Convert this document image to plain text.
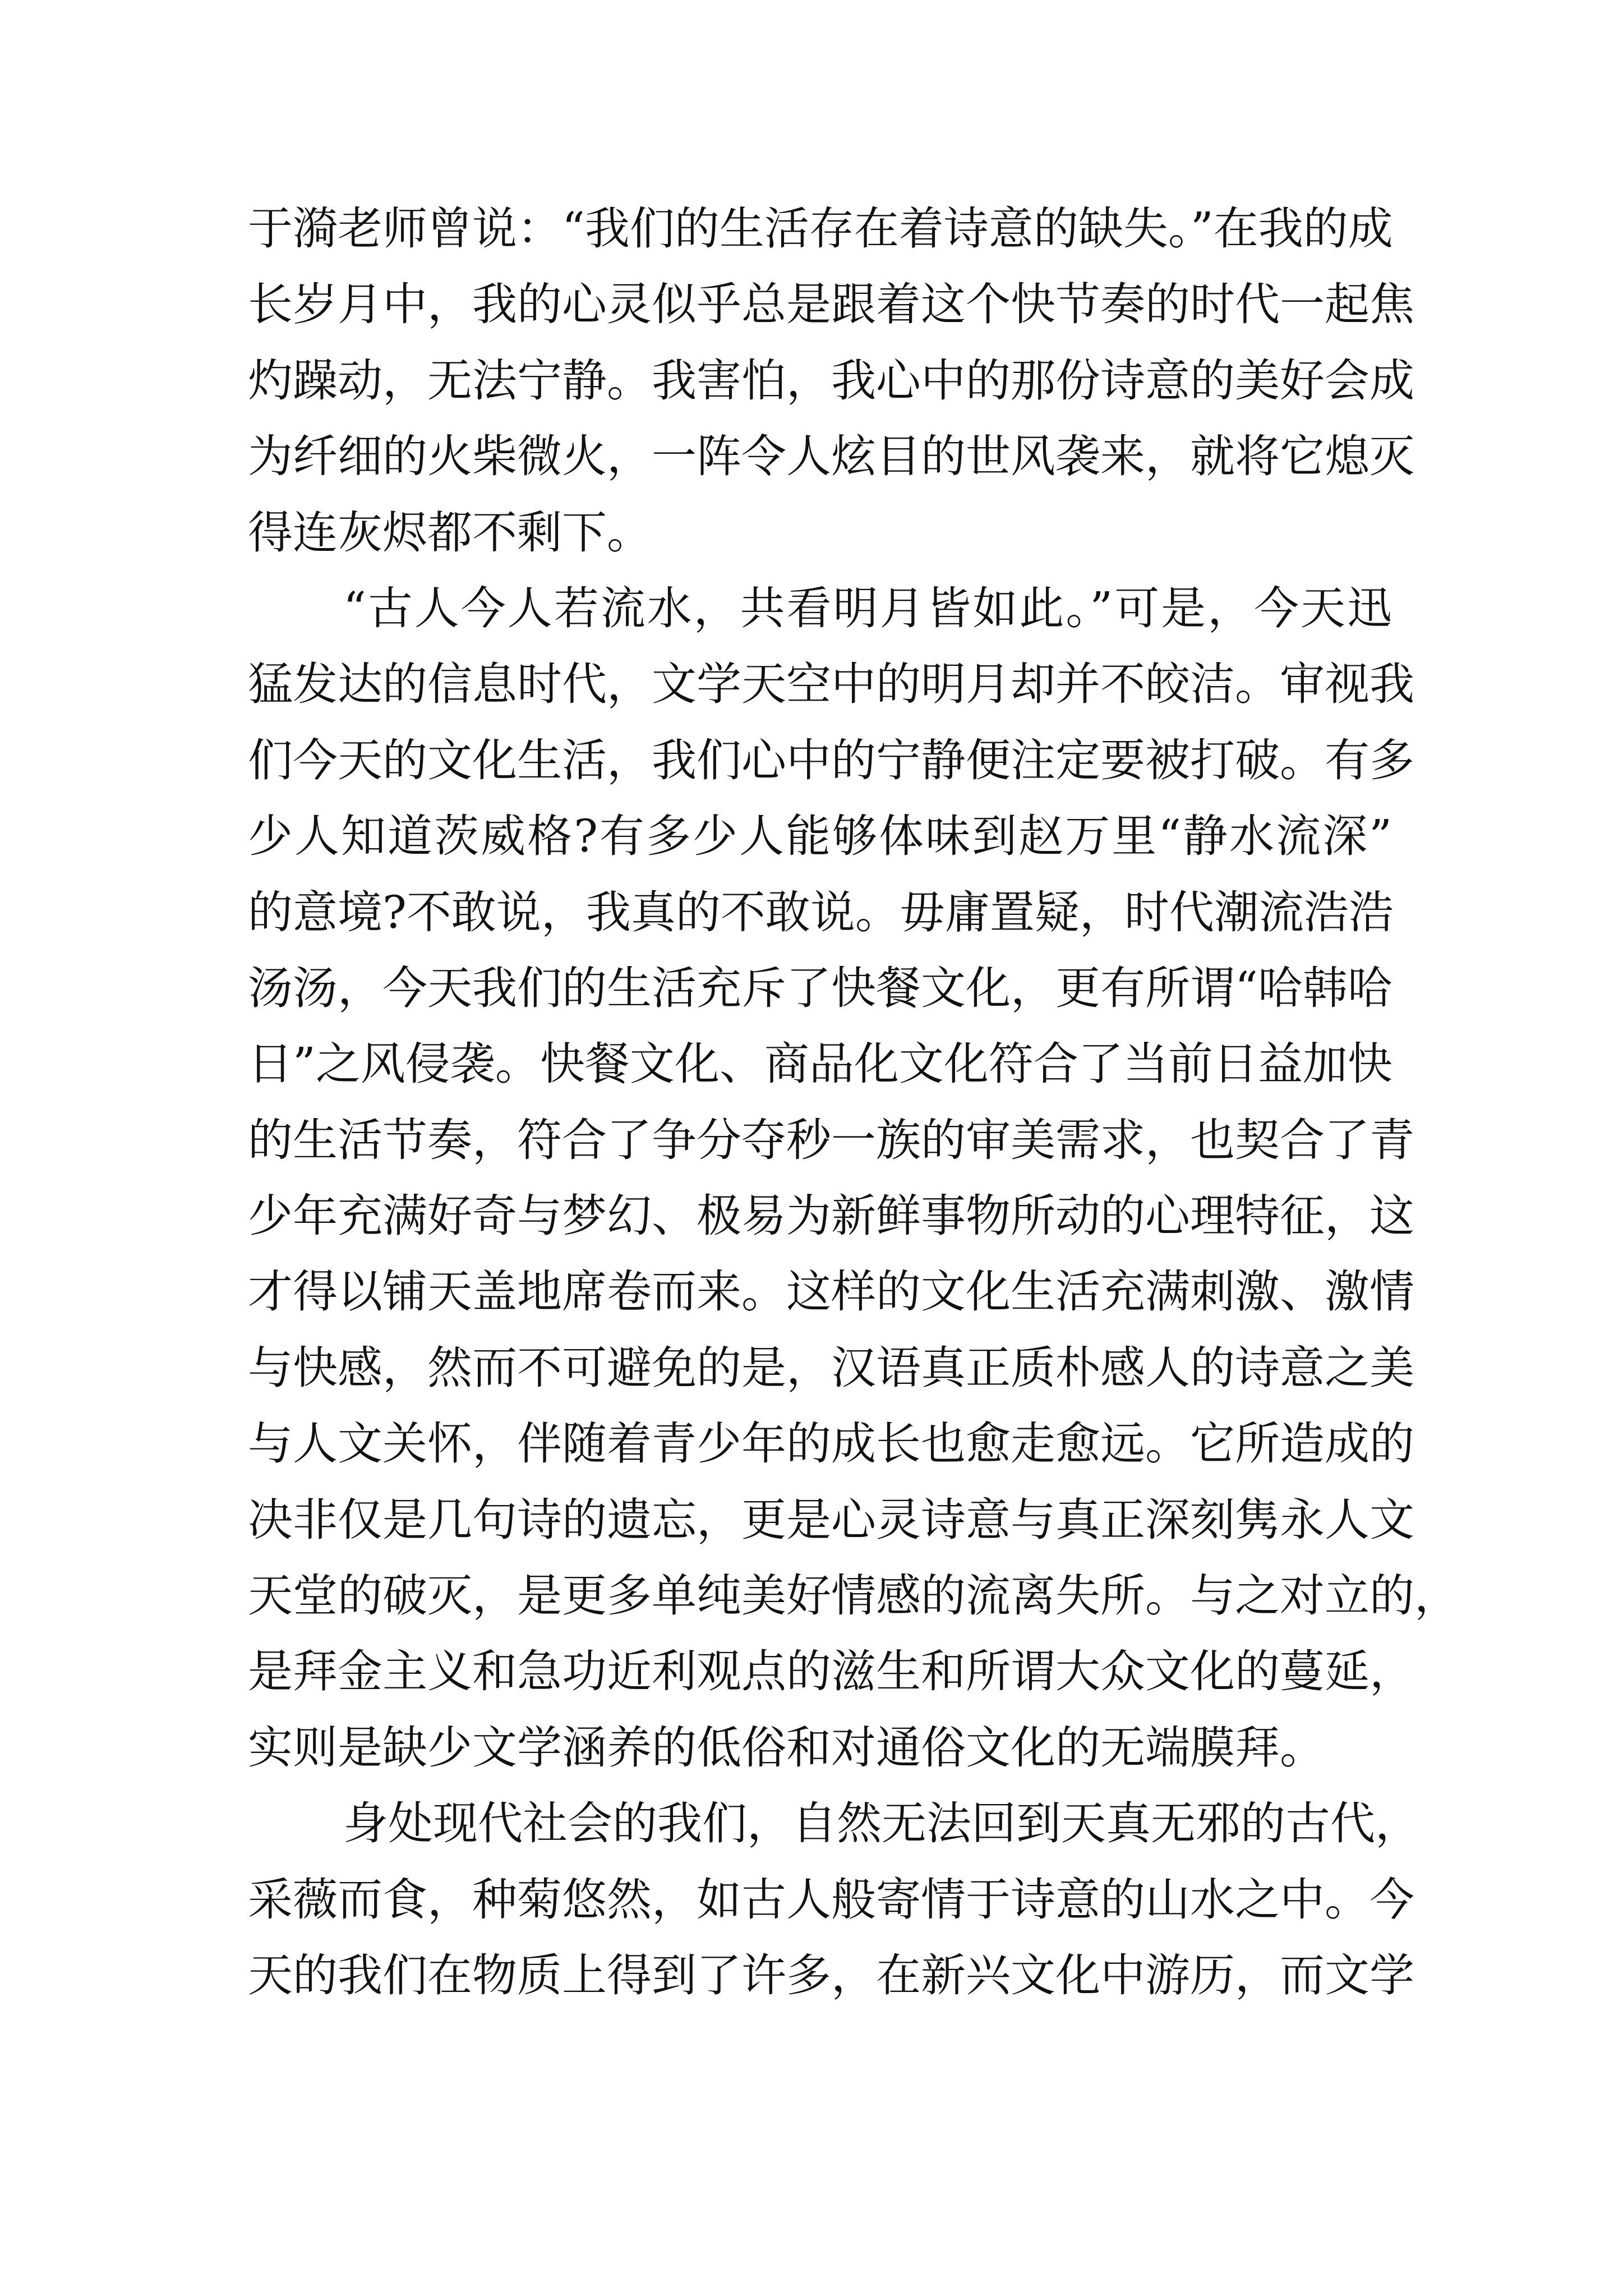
于漪老师曾说：“我们的生活存在着诗意的缺失。”在我的成
长岁月中，我的心灵似乎总是跟着这个快节奏的时代一起焦
灼躁动，无法宁静。我害怕，我心中的那份诗意的美好会成
为纤细的火柴微火，一阵令人炫目的世风袭来，就将它熄灭
得连灰烬都不剩下。
“古人今人若流水，共看明月皆如此。”可是，今天迅
猛发达的信息时代，文学天空中的明月却并不皎洁。审视我
们今天的文化生活，我们心中的宁静便注定要被打破。有多
少人知道茨威格?有多少人能够体味到赵万里“静水流深”
的意境?不敢说，我真的不敢说。毋庸置疑，时代潮流浩浩
汤汤，今天我们的生活充斥了快餐文化，更有所谓“哈韩哈
日”之风侵袭。快餐文化、商品化文化符合了当前日益加快
的生活节奏，符合了争分夺秒一族的审美需求，也契合了青
少年充满好奇与梦幻、极易为新鲜事物所动的心理特征，这
才得以铺天盖地席卷而来。这样的文化生活充满刺激、激情
与快感，然而不可避免的是，汉语真正质朴感人的诗意之美
与人文关怀，伴随着青少年的成长也愈走愈远。它所造成的
决非仅是几句诗的遗忘，更是心灵诗意与真正深刻隽永人文
天堂的破灭，是更多单纯美好情感的流离失所。与之对立的，
是拜金主义和急功近利观点的滋生和所谓大众文化的蔓延，
实则是缺少文学涵养的低俗和对通俗文化的无端膜拜。
身处现代社会的我们，自然无法回到天真无邪的古代，
采薇而食，种菊悠然，如古人般寄情于诗意的山水之中。今
天的我们在物质上得到了许多，在新兴文化中游历，而文学
